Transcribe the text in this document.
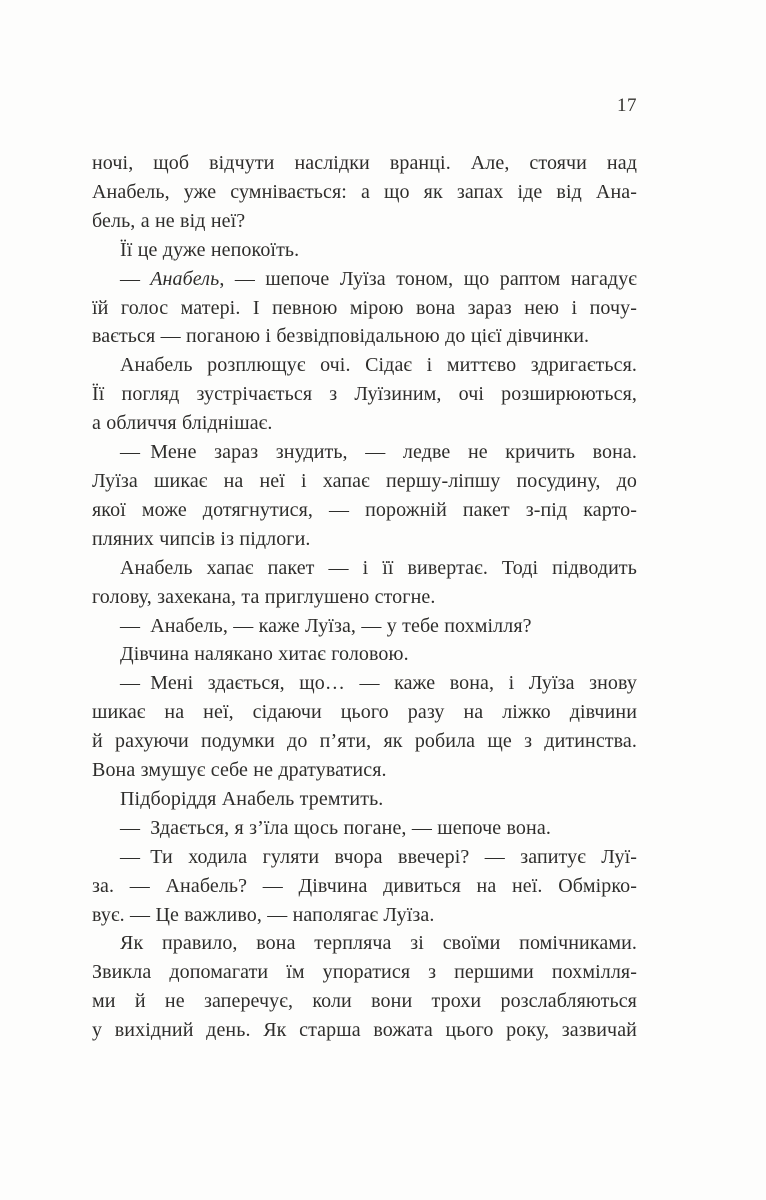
17
ночі, щоб відчути наслідки вранці. Але, стоячи над
Анабель, уже сумнівається: а що як запах іде від Ана-
бель, а не від неї?
Її це дуже непокоїть.
— Анабель, — шепоче Луїза тоном, що раптом нагадує
їй голос матері. І певною мірою вона зараз нею і почу-
вається — поганою і безвідповідальною до цієї дівчинки.
Анабель розплющує очі. Сідає і миттєво здригається.
Її погляд зустрічається з Луїзиним, очі розширюються,
а обличчя бліднішає.
— Мене зараз знудить, — ледве не кричить вона.
Луїза шикає на неї і хапає першу-ліпшу посудину, до
якої може дотягнутися, — порожній пакет з-під карто-
пляних чипсів із підлоги.
Анабель хапає пакет — і її вивертає. Тоді підводить
голову, захекана, та приглушено стогне.
— Анабель, — каже Луїза, — у тебе похмілля?
Дівчина налякано хитає головою.
— Мені здається, що… — каже вона, і Луїза знову
шикає на неї, сідаючи цього разу на ліжко дівчини
й рахуючи подумки до п’яти, як робила ще з дитинства.
Вона змушує себе не дратуватися.
Підборіддя Анабель тремтить.
— Здається, я з’їла щось погане, — шепоче вона.
— Ти ходила гуляти вчора ввечері? — запитує Луї-
за. — Анабель? — Дівчина дивиться на неї. Обмірко-
вує. — Це важливо, — наполягає Луїза.
Як правило, вона терпляча зі своїми помічниками.
Звикла допомагати їм упоратися з першими похмілля-
ми й не заперечує, коли вони трохи розслабляються
у вихідний день. Як старша вожата цього року, зазвичай
